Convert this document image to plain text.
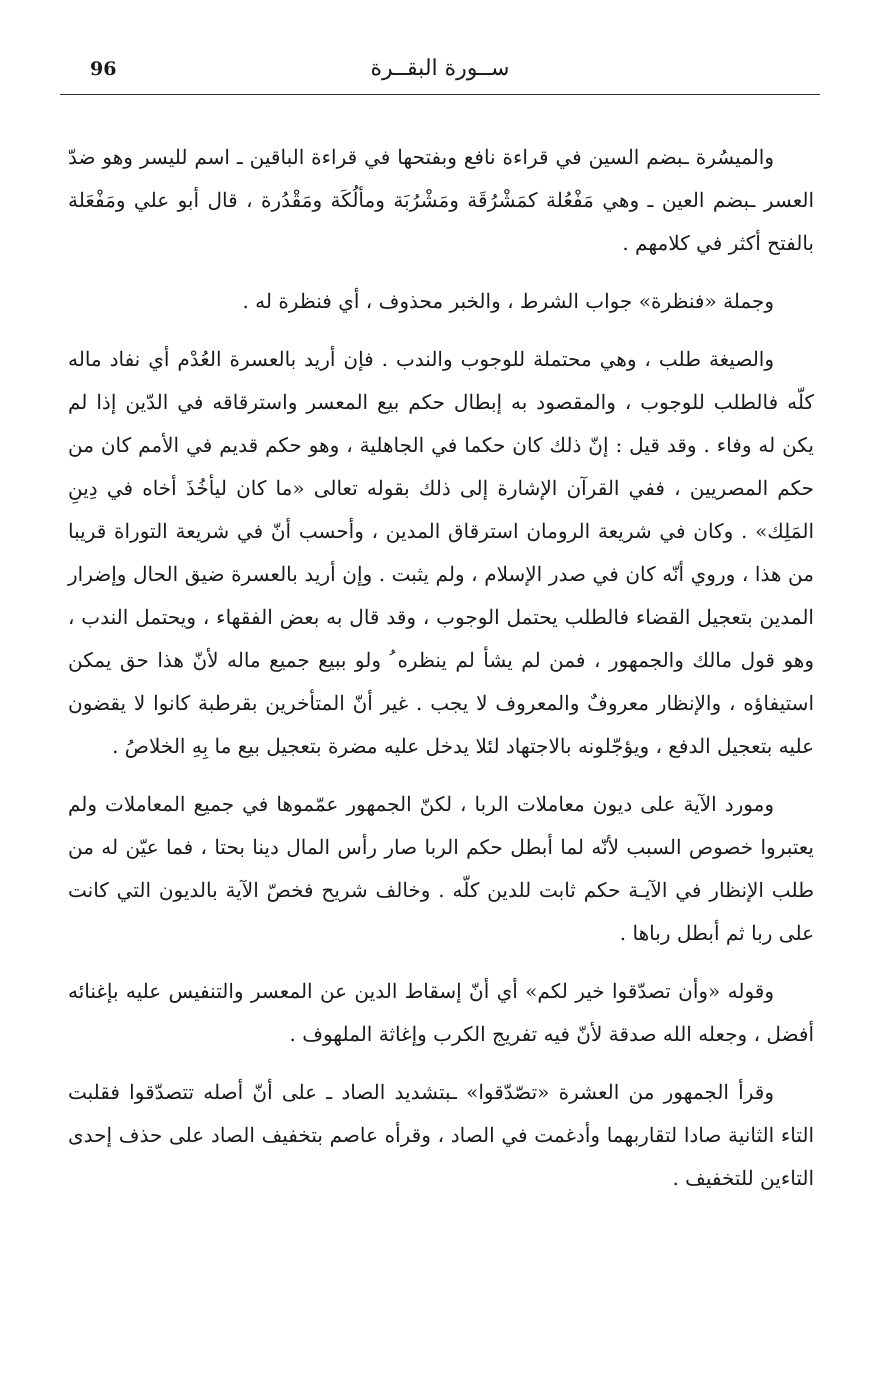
96	ســورة البقــرة

والميسُرة ـبضم السين في قراءة نافع وبفتحها في قراءة الباقين ـ اسم لليسر وهو ضدّ العسر ـبضم العين ـ وهي مَفْعُلة كمَشْرُقَة ومَشْرُبَة ومألُكَة ومَقْدُرة ، قال أبو علي ومَفْعَلة بالفتح أكثر في كلامهم .

وجملة «فنظرة» جواب الشرط ، والخبر محذوف ، أي فنظرة له .

والصيغة طلب ، وهي محتملة للوجوب والندب . فإن أريد بالعسرة العُدْم أي نفاد ماله كلّه فالطلب للوجوب ، والمقصود به إبطال حكم بيع المعسر واسترقاقه في الدّين إذا لم يكن له وفاء . وقد قيل : إنّ ذلك كان حكما في الجاهلية ، وهو حكم قديم في الأمم كان من حكم المصريين ، ففي القرآن الإشارة إلى ذلك بقوله تعالى «ما كان ليأخُذَ أخاه في دِينِ المَلِك» . وكان في شريعة الرومان استرقاق المدين ، وأحسب أنّ في شريعة التوراة قريبا من هذا ، وروي أنّه كان في صدر الإسلام ، ولم يثبت . وإن أريد بالعسرة ضيق الحال وإضرار المدين بتعجيل القضاء فالطلب يحتمل الوجوب ، وقد قال به بعض الفقهاء ، ويحتمل الندب ، وهو قول مالك والجمهور ، فمن لم يشأ لم ينظره ُ ولو ببيع جميع ماله لأنّ هذا حق يمكن استيفاؤه ، والإنظار معروفٌ والمعروف لا يجب . غير أنّ المتأخرين بقرطبة كانوا لا يقضون عليه بتعجيل الدفع ، ويؤجّلونه بالاجتهاد لئلا يدخل عليه مضرة بتعجيل بيع ما بِهِ الخلاصُ .

ومورد الآية على ديون معاملات الربا ، لكنّ الجمهور عمّموها في جميع المعاملات ولم يعتبروا خصوص السبب لأنّه لما أبطل حكم الربا صار رأس المال دينا بحتا ، فما عيّن له من طلب الإنظار في الآيـة حكم ثابت للدين كلّه . وخالف شريح فخصّ الآية بالديون التي كانت على ربا ثم أبطل رباها .

وقوله «وأن تصدّقوا خير لكم» أي أنّ إسقاط الدين عن المعسر والتنفيس عليه بإغنائه أفضل ، وجعله الله صدقة لأنّ فيه تفريج الكرب وإغاثة الملهوف .

وقرأ الجمهور من العشرة «تصّدّقوا» ـبتشديد الصاد ـ على أنّ أصله تتصدّقوا فقلبت التاء الثانية صادا لتقاربهما وأدغمت في الصاد ، وقرأه عاصم بتخفيف الصاد على حذف إحدى التاءين للتخفيف .
